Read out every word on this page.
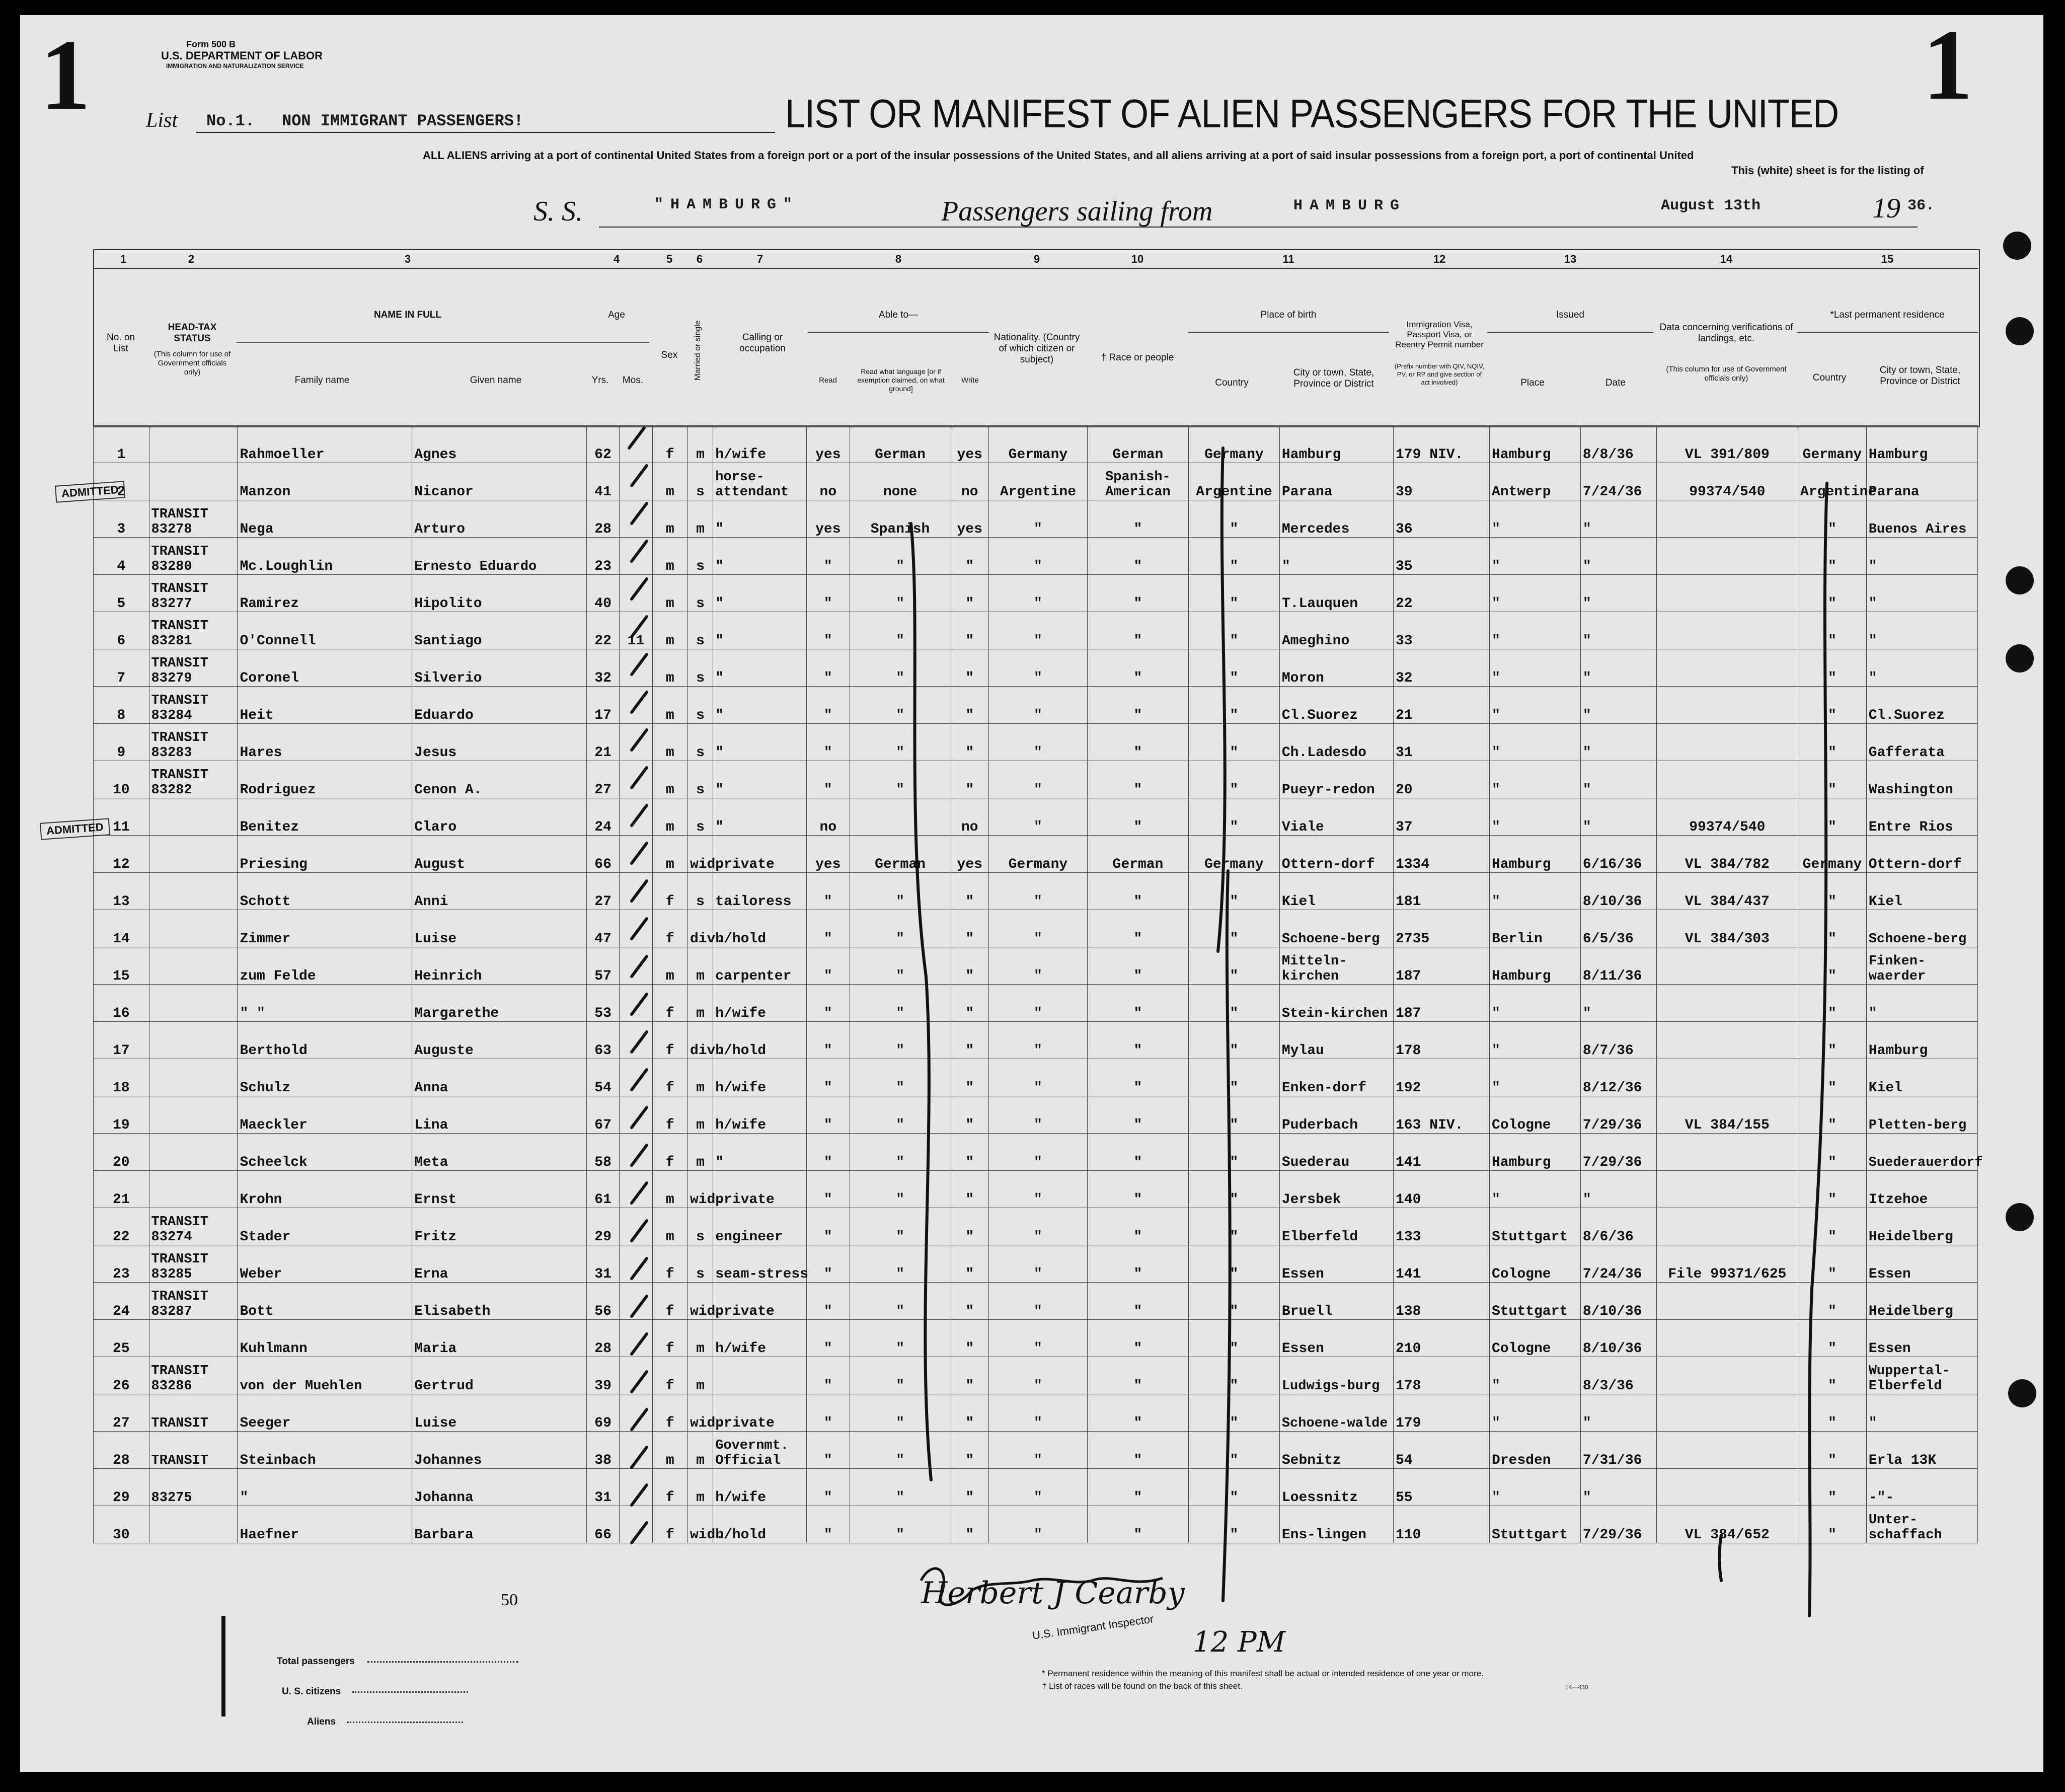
1	1
Form 500 B
U.S. DEPARTMENT OF LABOR
IMMIGRATION AND NATURALIZATION SERVICE
List No.1. NON IMMIGRANT PASSENGERS!	LIST OR MANIFEST OF ALIEN PASSENGERS FOR THE UNITED
ALL ALIENS arriving at a port of continental United States from a foreign port or a port of the insular possessions of the United States, and all aliens arriving at a port of said insular possessions from a foreign port, a port of continental United
This (white) sheet is for the listing of
S. S.	"HAMBURG"	Passengers sailing from	HAMBURG	August 13th	19 36.
1	2	3	4	5	6	7	8	9	10	11	12	13	14	15
No. on List
HEAD-TAX STATUS
(This column for use of Government officials only)
NAME IN FULL
Family name	Given name
Age
Yrs.	Mos.
Sex	Married or single	Calling or occupation
Able to—
Read
Read what language [or if exemption claimed, on what ground]
Write
Nationality. (Country of which citizen or subject)	† Race or people
Place of birth
Country
City or town, State, Province or District
Immigration Visa, Passport Visa, or Reentry Permit number
(Prefix number with QIV, NQIV, PV, or RP and give section of act involved)
Issued
Place	Date
Data concerning verifications of landings, etc.
(This column for use of Government officials only)
*Last permanent residence
Country
City or town, State, Province or District
1		Rahmoeller	Agnes	62		f	m	h/wife	yes	German	yes	Germany	German	Germany	Hamburg	179 NIV.	Hamburg	8/8/36	VL 391/809	Germany	Hamburg
2		Manzon	Nicanor	41		m	s	horse-attendant	no	none	no	Argentine	Spanish-American	Argentine	Parana	39	Antwerp	7/24/36	99374/540	Argentine	Parana
3	TRANSIT 83278	Nega	Arturo	28		m	m	"	yes	Spanish	yes	"	"	"	Mercedes	36	"	"		"	Buenos Aires
4	TRANSIT 83280	Mc.Loughlin	Ernesto Eduardo	23		m	s	"	"	"	"	"	"	"	"	35	"	"		"	"
5	TRANSIT 83277	Ramirez	Hipolito	40		m	s	"	"	"	"	"	"	"	T.Lauquen	22	"	"		"	"
6	TRANSIT 83281	O'Connell	Santiago	22	11	m	s	"	"	"	"	"	"	"	Ameghino	33	"	"		"	"
7	TRANSIT 83279	Coronel	Silverio	32		m	s	"	"	"	"	"	"	"	Moron	32	"	"		"	"
8	TRANSIT 83284	Heit	Eduardo	17		m	s	"	"	"	"	"	"	"	Cl.Suorez	21	"	"		"	Cl.Suorez
9	TRANSIT 83283	Hares	Jesus	21		m	s	"	"	"	"	"	"	"	Ch.Ladesdo	31	"	"		"	Gafferata
10	TRANSIT 83282	Rodriguez	Cenon A.	27		m	s	"	"	"	"	"	"	"	Pueyr-redon	20	"	"		"	Washington
11		Benitez	Claro	24		m	s	"	no		no	"	"	"	Viale	37	"	"	99374/540	"	Entre Rios
12		Priesing	August	66		m	wid.	private	yes	German	yes	Germany	German	Germany	Ottern-dorf	1334	Hamburg	6/16/36	VL 384/782	Germany	Ottern-dorf
13		Schott	Anni	27		f	s	tailoress	"	"	"	"	"	"	Kiel	181	"	8/10/36	VL 384/437	"	Kiel
14		Zimmer	Luise	47		f	div.	h/hold	"	"	"	"	"	"	Schoene-berg	2735	Berlin	6/5/36	VL 384/303	"	Schoene-berg
15		zum Felde	Heinrich	57		m	m	carpenter	"	"	"	"	"	"	Mitteln-kirchen	187	Hamburg	8/11/36		"	Finken-waerder
16		" "	Margarethe	53		f	m	h/wife	"	"	"	"	"	"	Stein-kirchen	187	"	"		"	"
17		Berthold	Auguste	63		f	div.	h/hold	"	"	"	"	"	"	Mylau	178	"	8/7/36		"	Hamburg
18		Schulz	Anna	54		f	m	h/wife	"	"	"	"	"	"	Enken-dorf	192	"	8/12/36		"	Kiel
19		Maeckler	Lina	67		f	m	h/wife	"	"	"	"	"	"	Puderbach	163 NIV.	Cologne	7/29/36	VL 384/155	"	Pletten-berg
20		Scheelck	Meta	58		f	m	"	"	"	"	"	"	"	Suederau	141	Hamburg	7/29/36		"	Suederauerdorf
21		Krohn	Ernst	61		m	wid.	private	"	"	"	"	"	"	Jersbek	140	"	"		"	Itzehoe
22	TRANSIT 83274	Stader	Fritz	29		m	s	engineer	"	"	"	"	"	"	Elberfeld	133	Stuttgart	8/6/36		"	Heidelberg
23	TRANSIT 83285	Weber	Erna	31		f	s	seam-stress	"	"	"	"	"	"	Essen	141	Cologne	7/24/36	File 99371/625	"	Essen
24	TRANSIT 83287	Bott	Elisabeth	56		f	wid.	private	"	"	"	"	"	"	Bruell	138	Stuttgart	8/10/36		"	Heidelberg
25		Kuhlmann	Maria	28		f	m	h/wife	"	"	"	"	"	"	Essen	210	Cologne	8/10/36		"	Essen
26	TRANSIT 83286	von der Muehlen	Gertrud	39		f	m		"	"	"	"	"	"	Ludwigs-burg	178	"	8/3/36		"	Wuppertal-Elberfeld
27	TRANSIT	Seeger	Luise	69		f	wid.	private	"	"	"	"	"	"	Schoene-walde	179	"	"		"	"
28	TRANSIT	Steinbach	Johannes	38		m	m	Governmt. Official	"	"	"	"	"	"	Sebnitz	54	Dresden	7/31/36		"	Erla 13K
29	83275	"	Johanna	31		f	m	h/wife	"	"	"	"	"	"	Loessnitz	55	"	"		"	-"-
30		Haefner	Barbara	66		f	wid.	h/hold	"	"	"	"	"	"	Ens-lingen	110	Stuttgart	7/29/36	VL 384/652	"	Unter-schaffach
ADMITTED
ADMITTED
50
Total passengers
U. S. citizens
Aliens
Herbert J Cearby
U.S. Immigrant Inspector 12 PM
* Permanent residence within the meaning of this manifest shall be actual or intended residence of one year or more.
† List of races will be found on the back of this sheet.	14—430
